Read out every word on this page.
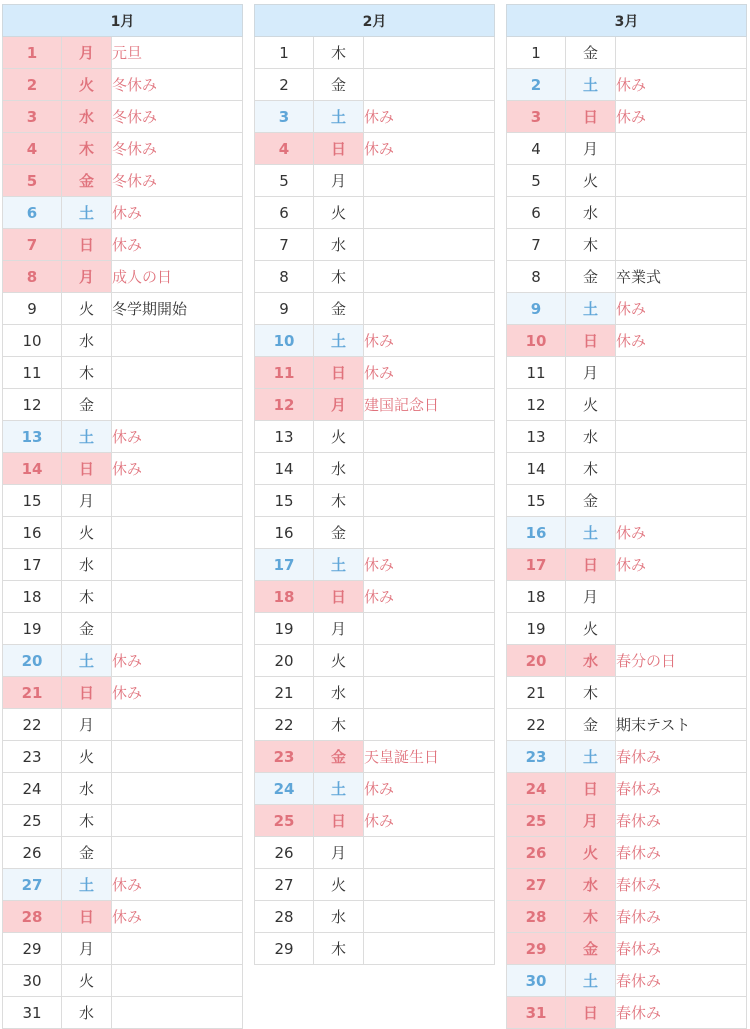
1月		
1	月	元旦
2	火	冬休み
3	水	冬休み
4	木	冬休み
5	金	冬休み
6	土	休み
7	日	休み
8	月	成人の日
9	火	冬学期開始
10	水	
11	木	
12	金	
13	土	休み
14	日	休み
15	月	
16	火	
17	水	
18	木	
19	金	
20	土	休み
21	日	休み
22	月	
23	火	
24	水	
25	木	
26	金	
27	土	休み
28	日	休み
29	月	
30	火	
31	水	
2月		
1	木	
2	金	
3	土	休み
4	日	休み
5	月	
6	火	
7	水	
8	木	
9	金	
10	土	休み
11	日	休み
12	月	建国記念日
13	火	
14	水	
15	木	
16	金	
17	土	休み
18	日	休み
19	月	
20	火	
21	水	
22	木	
23	金	天皇誕生日
24	土	休み
25	日	休み
26	月	
27	火	
28	水	
29	木	
3月		
1	金	
2	土	休み
3	日	休み
4	月	
5	火	
6	水	
7	木	
8	金	卒業式
9	土	休み
10	日	休み
11	月	
12	火	
13	水	
14	木	
15	金	
16	土	休み
17	日	休み
18	月	
19	火	
20	水	春分の日
21	木	
22	金	期末テスト
23	土	春休み
24	日	春休み
25	月	春休み
26	火	春休み
27	水	春休み
28	木	春休み
29	金	春休み
30	土	春休み
31	日	春休み
